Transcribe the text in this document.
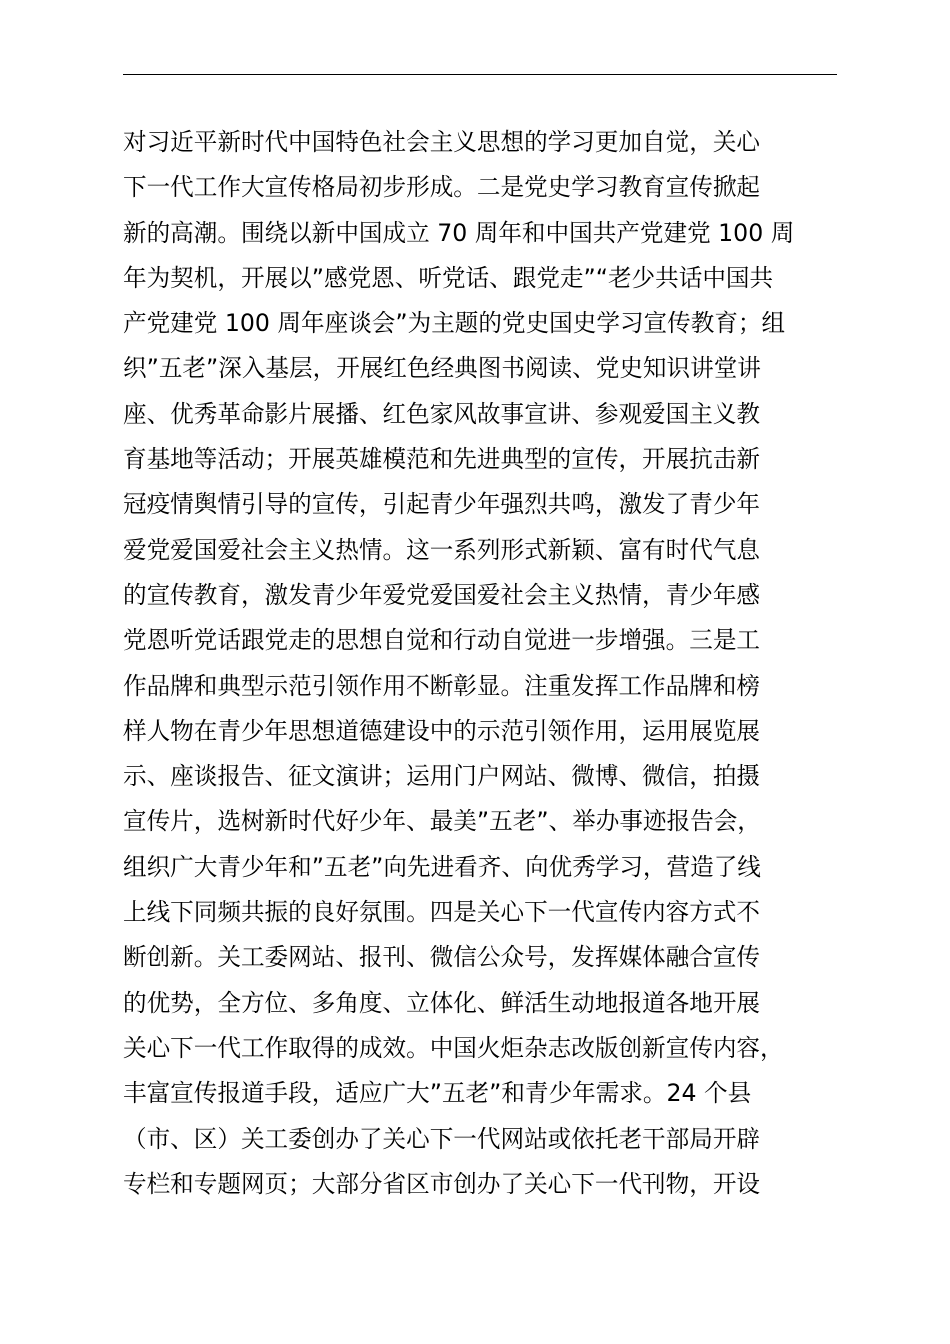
对习近平新时代中国特色社会主义思想的学习更加自觉，关心
下一代工作大宣传格局初步形成。二是党史学习教育宣传掀起
新的高潮。围绕以新中国成立 70 周年和中国共产党建党 100 周
年为契机，开展以”感党恩、听党话、跟党走”“老少共话中国共
产党建党 100 周年座谈会”为主题的党史国史学习宣传教育；组
织”五老”深入基层，开展红色经典图书阅读、党史知识讲堂讲
座、优秀革命影片展播、红色家风故事宣讲、参观爱国主义教
育基地等活动；开展英雄模范和先进典型的宣传，开展抗击新
冠疫情舆情引导的宣传，引起青少年强烈共鸣，激发了青少年
爱党爱国爱社会主义热情。这一系列形式新颖、富有时代气息
的宣传教育，激发青少年爱党爱国爱社会主义热情，青少年感
党恩听党话跟党走的思想自觉和行动自觉进一步增强。三是工
作品牌和典型示范引领作用不断彰显。注重发挥工作品牌和榜
样人物在青少年思想道德建设中的示范引领作用，运用展览展
示、座谈报告、征文演讲；运用门户网站、微博、微信，拍摄
宣传片，选树新时代好少年、最美”五老”、举办事迹报告会，
组织广大青少年和”五老”向先进看齐、向优秀学习，营造了线
上线下同频共振的良好氛围。四是关心下一代宣传内容方式不
断创新。关工委网站、报刊、微信公众号，发挥媒体融合宣传
的优势，全方位、多角度、立体化、鲜活生动地报道各地开展
关心下一代工作取得的成效。中国火炬杂志改版创新宣传内容，
丰富宣传报道手段，适应广大”五老”和青少年需求。24 个县
（市、区）关工委创办了关心下一代网站或依托老干部局开辟
专栏和专题网页；大部分省区市创办了关心下一代刊物，开设
